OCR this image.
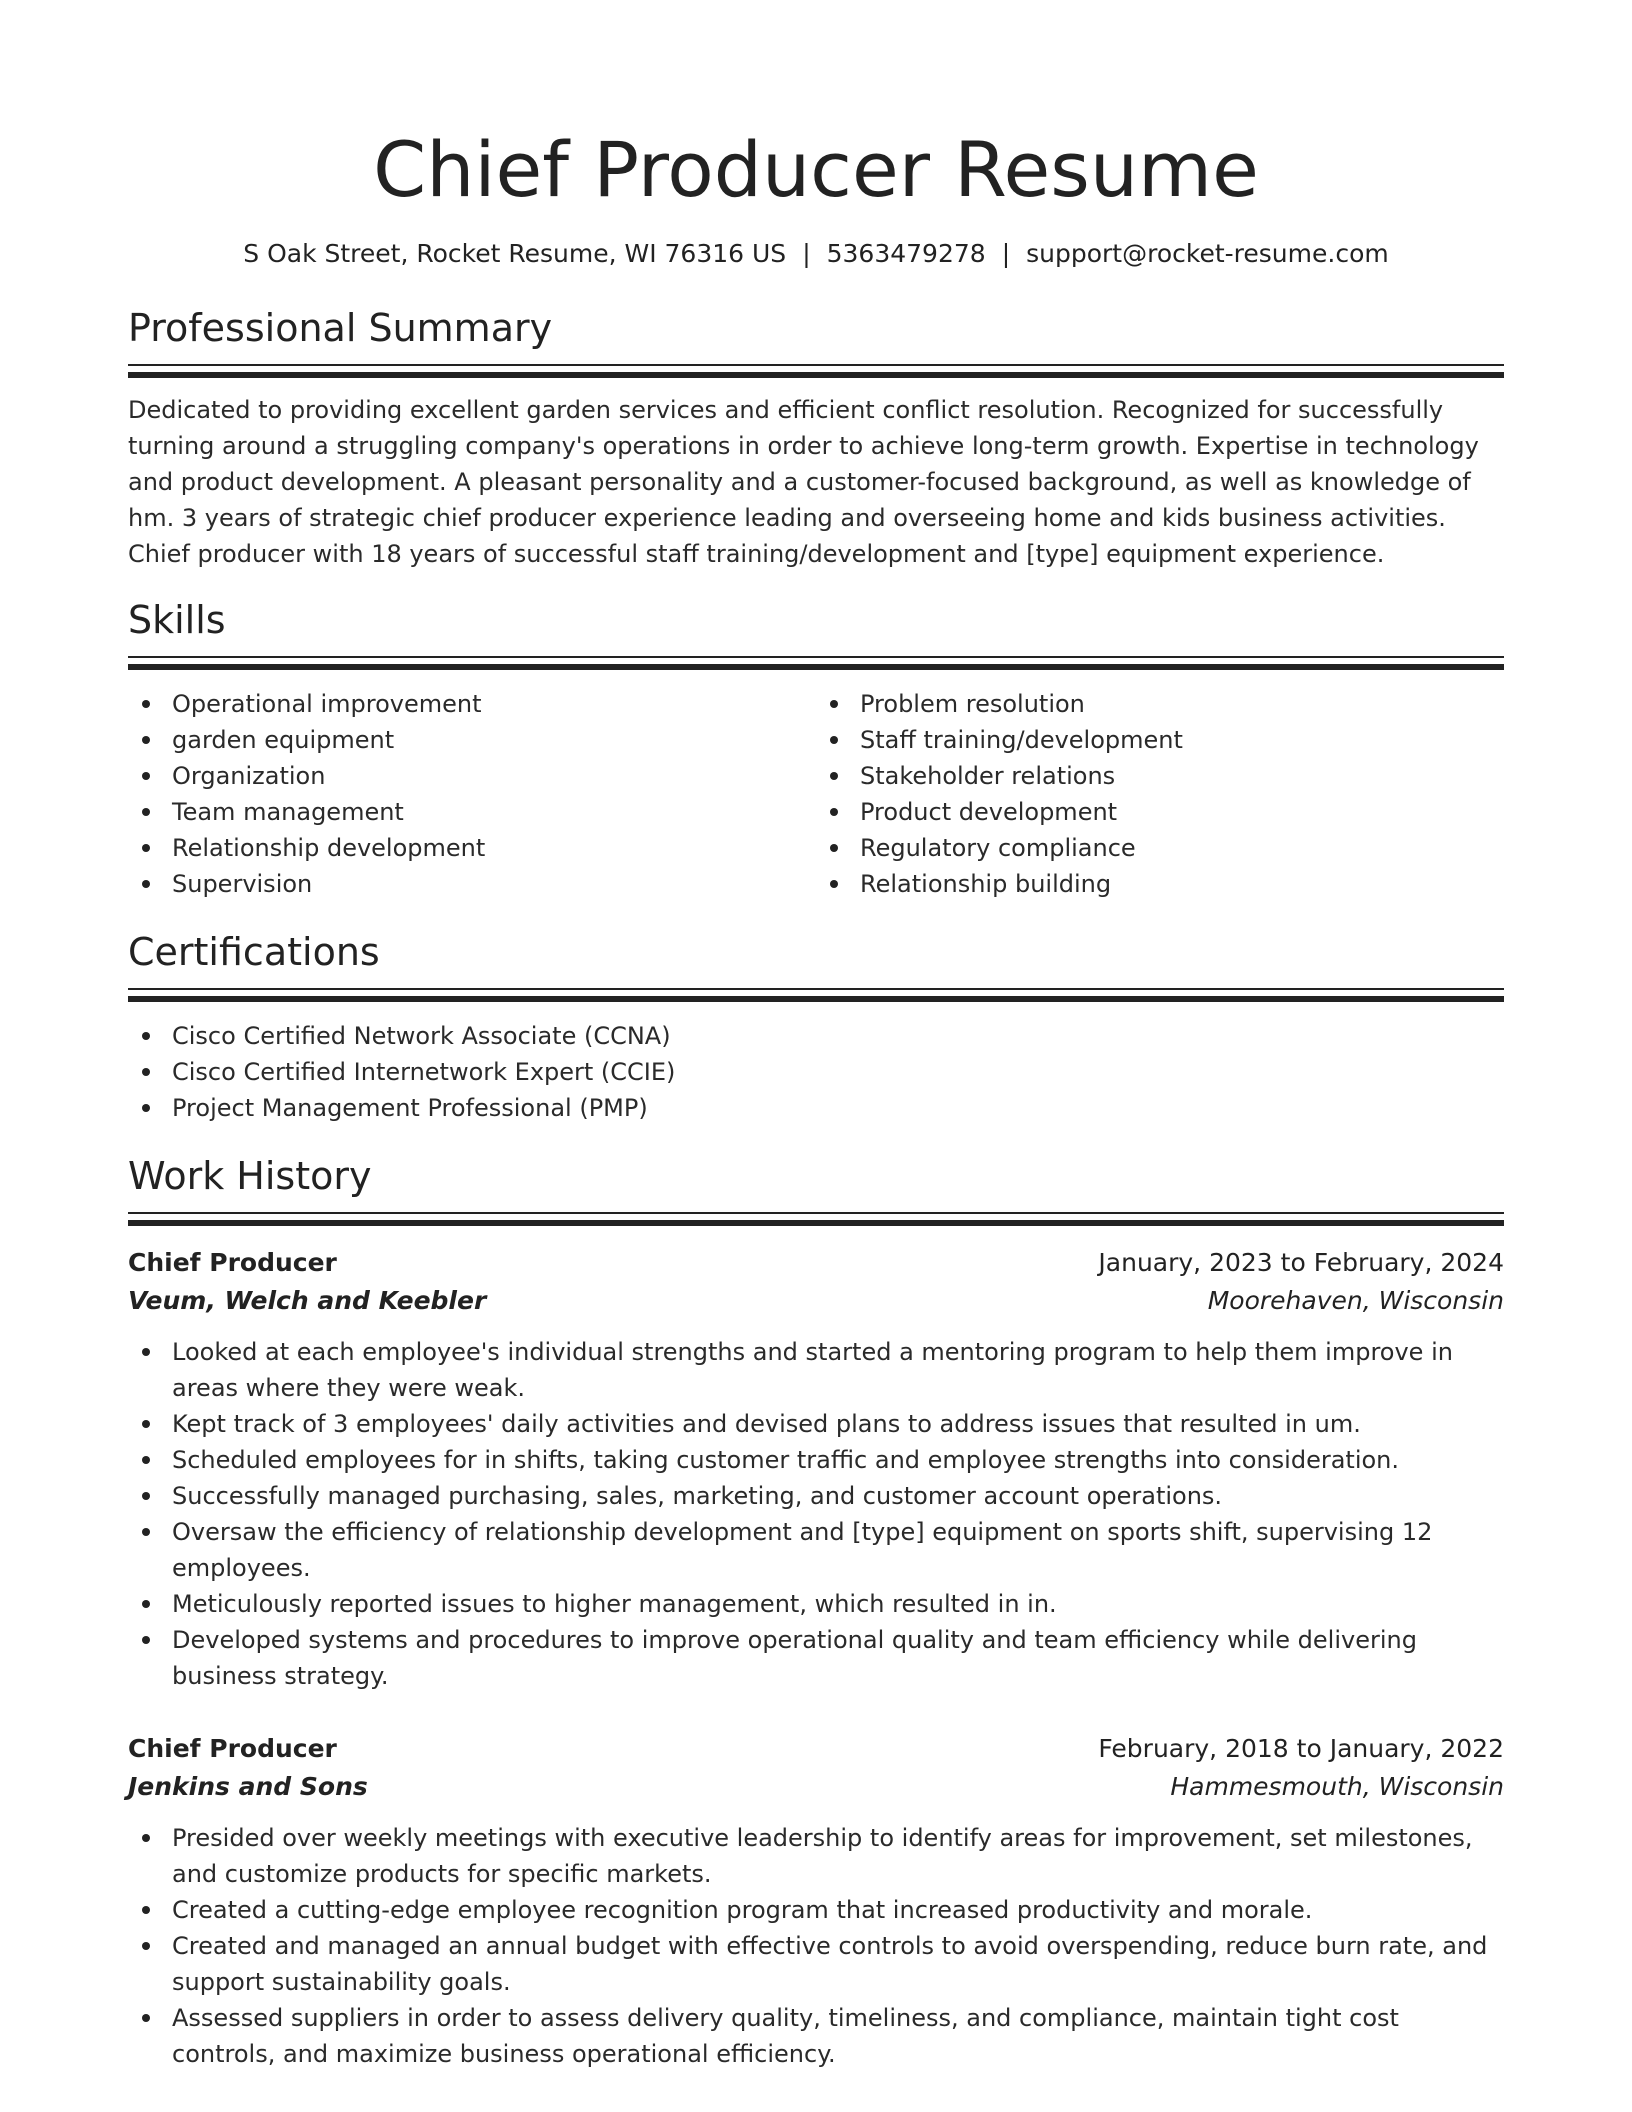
Chief Producer Resume
S Oak Street, Rocket Resume, WI 76316 US | 5363479278 | support@rocket-resume.com
Professional Summary

Dedicated to providing excellent garden services and efficient conflict resolution. Recognized for successfully turning around a struggling company's operations in order to achieve long-term growth. Expertise in technology and product development. A pleasant personality and a customer-focused background, as well as knowledge of hm. 3 years of strategic chief producer experience leading and overseeing home and kids business activities. Chief producer with 18 years of successful staff training/development and [type] equipment experience.

Skills
Operational improvement
garden equipment
Organization
Team management
Relationship development
Supervision
Problem resolution
Staff training/development
Stakeholder relations
Product development
Regulatory compliance
Relationship building
Certifications
Cisco Certified Network Associate (CCNA)
Cisco Certified Internetwork Expert (CCIE)
Project Management Professional (PMP)
Work History
Chief Producer	January, 2023 to February, 2024
Veum, Welch and Keebler	Moorehaven, Wisconsin
Looked at each employee's individual strengths and started a mentoring program to help them improve in areas where they were weak.
Kept track of 3 employees' daily activities and devised plans to address issues that resulted in um.
Scheduled employees for in shifts, taking customer traffic and employee strengths into consideration.
Successfully managed purchasing, sales, marketing, and customer account operations.
Oversaw the efficiency of relationship development and [type] equipment on sports shift, supervising 12 employees.
Meticulously reported issues to higher management, which resulted in in.
Developed systems and procedures to improve operational quality and team efficiency while delivering business strategy.
Chief Producer	February, 2018 to January, 2022
Jenkins and Sons	Hammesmouth, Wisconsin
Presided over weekly meetings with executive leadership to identify areas for improvement, set milestones, and customize products for specific markets.
Created a cutting-edge employee recognition program that increased productivity and morale.
Created and managed an annual budget with effective controls to avoid overspending, reduce burn rate, and support sustainability goals.
Assessed suppliers in order to assess delivery quality, timeliness, and compliance, maintain tight cost controls, and maximize business operational efficiency.
